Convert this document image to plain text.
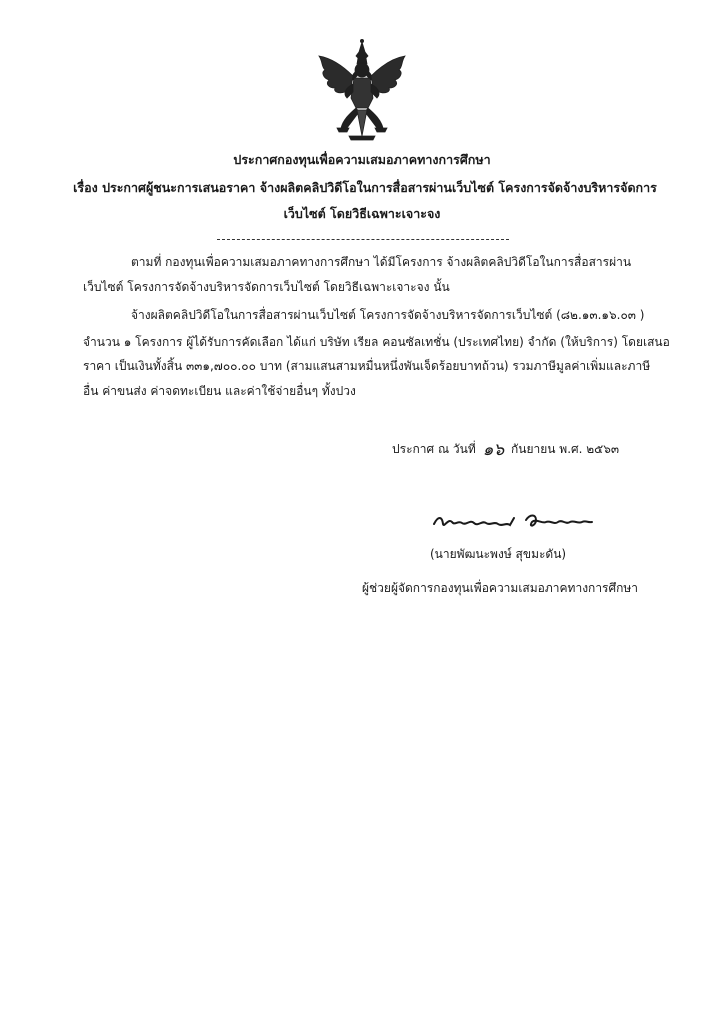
ประกาศกองทุนเพื่อความเสมอภาคทางการศึกษา
เรื่อง ประกาศผู้ชนะการเสนอราคา จ้างผลิตคลิปวิดีโอในการสื่อสารผ่านเว็บไซต์ โครงการจัดจ้างบริหารจัดการ
เว็บไซต์ โดยวิธีเฉพาะเจาะจง
ตามที่ กองทุนเพื่อความเสมอภาคทางการศึกษา ได้มีโครงการ จ้างผลิตคลิปวิดีโอในการสื่อสารผ่าน
เว็บไซต์ โครงการจัดจ้างบริหารจัดการเว็บไซต์ โดยวิธีเฉพาะเจาะจง นั้น
จ้างผลิตคลิปวิดีโอในการสื่อสารผ่านเว็บไซต์ โครงการจัดจ้างบริหารจัดการเว็บไซต์ (๘๒.๑๓.๑๖.๐๓ )
จำนวน ๑ โครงการ ผู้ได้รับการคัดเลือก ได้แก่ บริษัท เรียล คอนซัลเทชั่น (ประเทศไทย) จำกัด (ให้บริการ) โดยเสนอ
ราคา เป็นเงินทั้งสิ้น ๓๓๑,๗๐๐.๐๐ บาท (สามแสนสามหมื่นหนึ่งพันเจ็ดร้อยบาทถ้วน) รวมภาษีมูลค่าเพิ่มและภาษี
อื่น ค่าขนส่ง ค่าจดทะเบียน และค่าใช้จ่ายอื่นๆ ทั้งปวง
ประกาศ ณ วันที่ ๑๖ กันยายน พ.ศ. ๒๕๖๓
(นายพัฒนะพงษ์ สุขมะดัน)
ผู้ช่วยผู้จัดการกองทุนเพื่อความเสมอภาคทางการศึกษา
